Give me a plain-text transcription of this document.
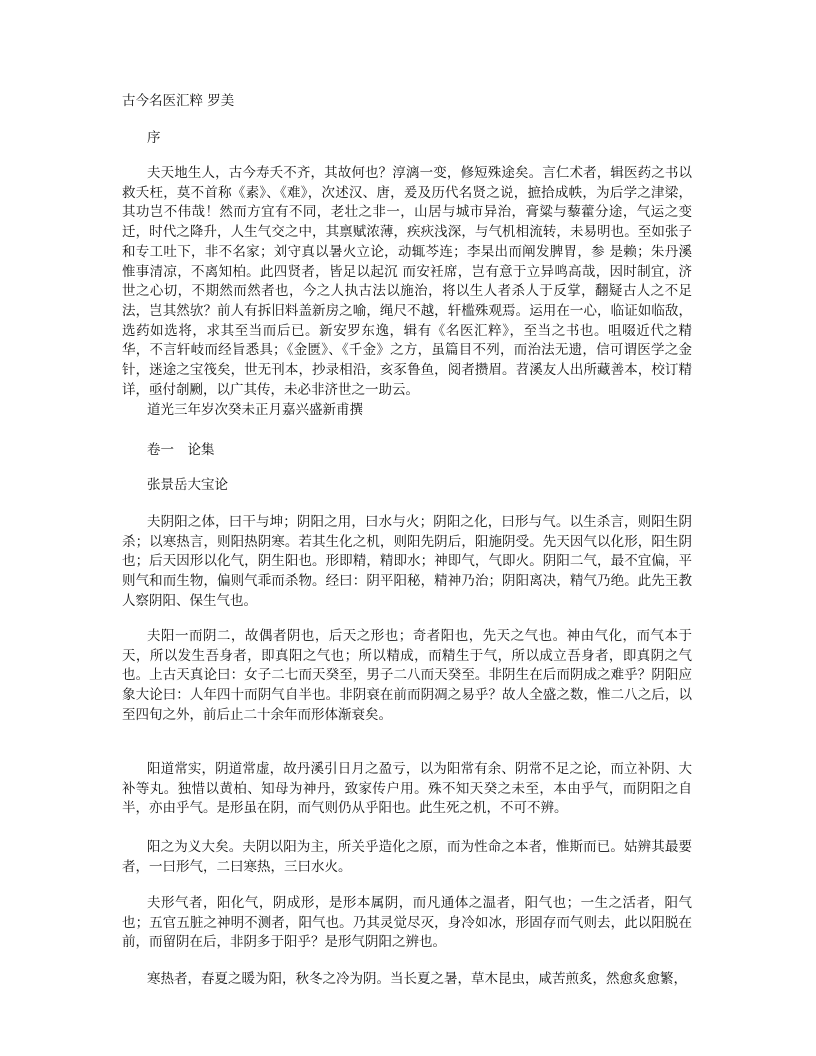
古今名医汇粹 罗美
序
夫天地生人，古今寿夭不齐，其故何也？淳漓一变，修短殊途矣。言仁术者，辑医药之书以救夭枉，莫不首称《素》、《难》，次述汉、唐，爰及历代名贤之说，摭拾成帙，为后学之津梁，其功岂不伟哉！然而方宜有不同，老壮之非一，山居与城市异治，膏粱与藜藿分途，气运之变迁，时代之降升，人生气交之中，其禀赋浓薄，疾疢浅深，与气机相流转，未易明也。至如张子和专工吐下，非不名家；刘守真以暑火立论，动辄芩连；李杲出而阐发脾胃，参 是赖；朱丹溪惟事清凉，不离知柏。此四贤者，皆足以起沉 而安衽席，岂有意于立异鸣高哉，因时制宜，济世之心切，不期然而然者也，今之人执古法以施治，将以生人者杀人于反掌，翻疑古人之不足法，岂其然欤？前人有拆旧料盖新房之喻，绳尺不越，轩槛殊观焉。运用在一心，临证如临敌，选药如选将，求其至当而后已。新安罗东逸，辑有《名医汇粹》，至当之书也。咀啜近代之精华，不言轩岐而经旨悉具；《金匮》、《千金》之方，虽篇目不列，而治法无遗，信可谓医学之金针，迷途之宝筏矣，世无刊本，抄录相沿，亥豕鲁鱼，阅者攒眉。苕溪友人出所藏善本，校订精详，亟付剞劂，以广其传，未必非济世之一助云。
道光三年岁次癸未正月嘉兴盛新甫撰
卷一　论集
张景岳大宝论
夫阴阳之体，曰干与坤；阴阳之用，曰水与火；阴阳之化，曰形与气。以生杀言，则阳生阴杀；以寒热言，则阳热阴寒。若其生化之机，则阳先阴后，阳施阴受。先天因气以化形，阳生阴也；后天因形以化气，阴生阳也。形即精，精即水；神即气，气即火。阴阳二气，最不宜偏，平则气和而生物，偏则气乖而杀物。经曰：阴平阳秘，精神乃治；阴阳离决，精气乃绝。此先王教人察阴阳、保生气也。
夫阳一而阴二，故偶者阴也，后天之形也；奇者阳也，先天之气也。神由气化，而气本于天，所以发生吾身者，即真阳之气也；所以精成，而精生于气，所以成立吾身者，即真阴之气也。上古天真论曰：女子二七而天癸至，男子二八而天癸至。非阴生在后而阴成之难乎？阴阳应象大论曰：人年四十而阴气自半也。非阴衰在前而阴凋之易乎？故人全盛之数，惟二八之后，以至四旬之外，前后止二十余年而形体渐衰矣。
阳道常实，阴道常虚，故丹溪引日月之盈亏，以为阳常有余、阴常不足之论，而立补阴、大补等丸。独惜以黄柏、知母为神丹，致家传户用。殊不知天癸之未至，本由乎气，而阴阳之自半，亦由乎气。是形虽在阴，而气则仍从乎阳也。此生死之机，不可不辨。
阳之为义大矣。夫阴以阳为主，所关乎造化之原，而为性命之本者，惟斯而已。姑辨其最要者，一曰形气，二曰寒热，三曰水火。
夫形气者，阳化气，阴成形，是形本属阴，而凡通体之温者，阳气也；一生之活者，阳气也；五官五脏之神明不测者，阳气也。乃其灵觉尽灭，身冷如冰，形固存而气则去，此以阳脱在前，而留阴在后，非阴多于阳乎？是形气阴阳之辨也。
寒热者，春夏之暖为阳，秋冬之冷为阴。当长夏之暑，草木昆虫，咸苦煎炙，然愈炙愈繁，
